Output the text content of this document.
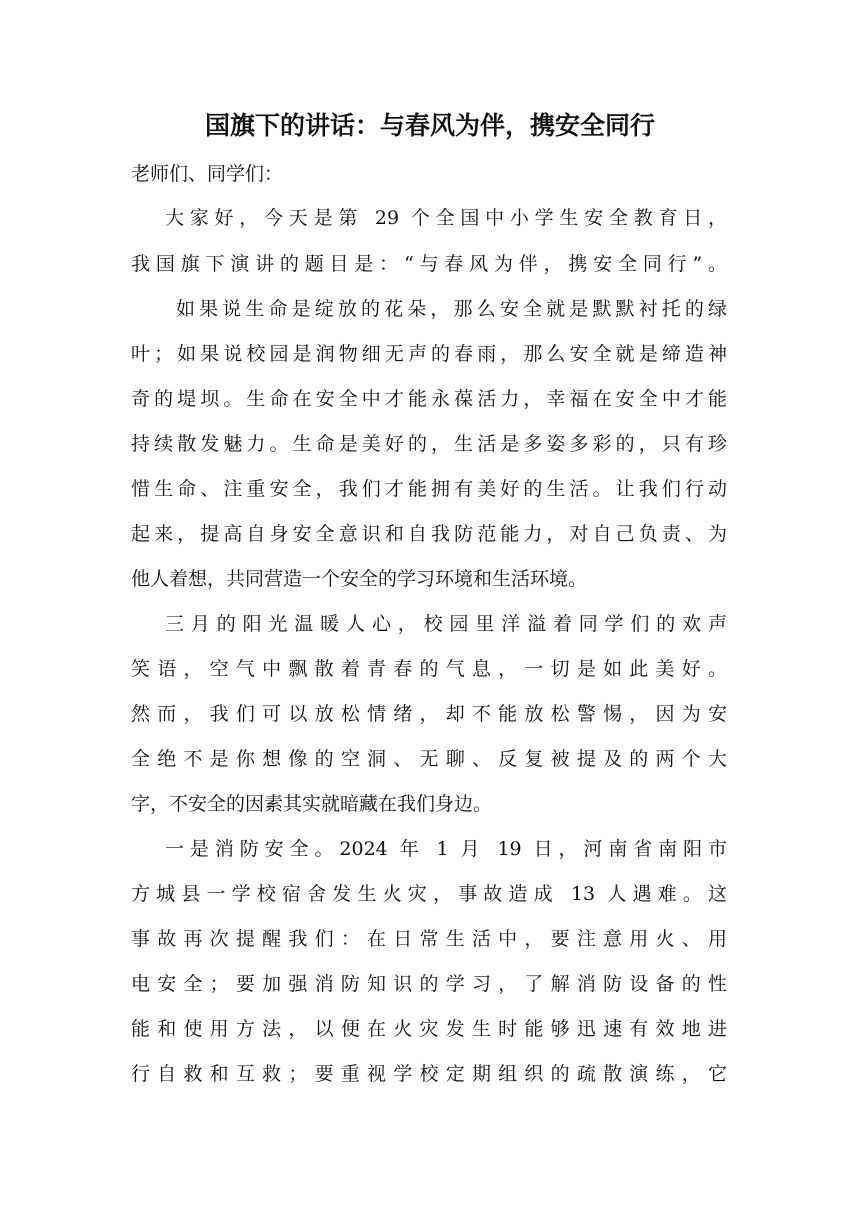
国旗下的讲话：与春风为伴，携安全同行
老师们、同学们：
大家好，今天是第 29 个全国中小学生安全教育日，
我国旗下演讲的题目是：“与春风为伴，携安全同行”。
如果说生命是绽放的花朵，那么安全就是默默衬托的绿
叶；如果说校园是润物细无声的春雨，那么安全就是缔造神
奇的堤坝。生命在安全中才能永葆活力，幸福在安全中才能
持续散发魅力。生命是美好的，生活是多姿多彩的，只有珍
惜生命、注重安全，我们才能拥有美好的生活。让我们行动
起来，提高自身安全意识和自我防范能力，对自己负责、为
他人着想，共同营造一个安全的学习环境和生活环境。
三月的阳光温暖人心，校园里洋溢着同学们的欢声
笑语，空气中飘散着青春的气息，一切是如此美好。
然而，我们可以放松情绪，却不能放松警惕，因为安
全绝不是你想像的空洞、无聊、反复被提及的两个大
字，不安全的因素其实就暗藏在我们身边。
一是消防安全。2024 年 1 月 19 日，河南省南阳市
方城县一学校宿舍发生火灾，事故造成 13 人遇难。这
事故再次提醒我们：在日常生活中，要注意用火、用
电安全；要加强消防知识的学习，了解消防设备的性
能和使用方法，以便在火灾发生时能够迅速有效地进
行自救和互救；要重视学校定期组织的疏散演练，它
